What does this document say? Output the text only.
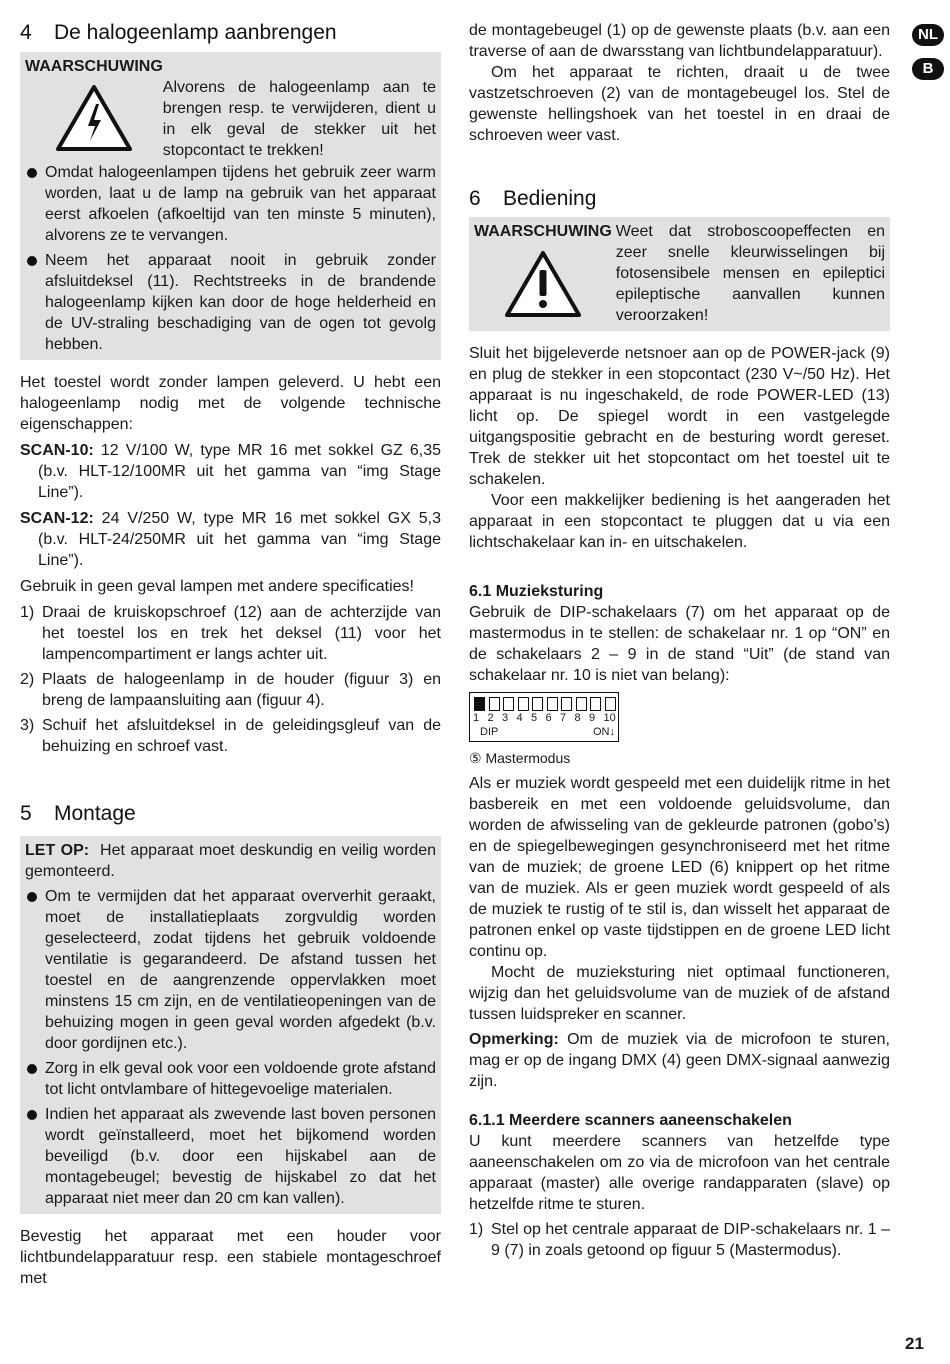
NL
B
4 De halogeenlamp aanbrengen
WAARSCHUWING
Alvorens de halogeenlamp aan te brengen resp. te verwijderen, dient u in elk geval de stekker uit het stopcontact te trekken!
Omdat halogeenlampen tijdens het gebruik zeer warm worden, laat u de lamp na gebruik van het apparaat eerst afkoelen (afkoeltijd van ten minste 5 minuten), alvorens ze te vervangen.
Neem het apparaat nooit in gebruik zonder afsluitdeksel (11). Rechtstreeks in de brandende halogeenlamp kijken kan door de hoge helderheid en de UV-straling beschadiging van de ogen tot gevolg hebben.

Het toestel wordt zonder lampen geleverd. U hebt een halogeenlamp nodig met de volgende technische eigenschappen:

SCAN-10: 12 V/100 W, type MR 16 met sokkel GZ 6,35 (b.v. HLT-12/100MR uit het gamma van “img Stage Line”).

SCAN-12: 24 V/250 W, type MR 16 met sokkel GX 5,3 (b.v. HLT-24/250MR uit het gamma van “img Stage Line”).

Gebruik in geen geval lampen met andere specificaties!

1) Draai de kruiskopschroef (12) aan de achterzijde van het toestel los en trek het deksel (11) voor het lampencompartiment er langs achter uit.
2) Plaats de halogeenlamp in de houder (figuur 3) en breng de lampaansluiting aan (figuur 4).
3) Schuif het afsluitdeksel in de geleidingsgleuf van de behuizing en schroef vast.
5 Montage

LET OP: Het apparaat moet deskundig en veilig worden gemonteerd.

Om te vermijden dat het apparaat oververhit geraakt, moet de installatieplaats zorgvuldig worden geselecteerd, zodat tijdens het gebruik voldoende ventilatie is gegarandeerd. De afstand tussen het toestel en de aangrenzende oppervlakken moet minstens 15 cm zijn, en de ventilatieopeningen van de behuizing mogen in geen geval worden afgedekt (b.v. door gordijnen etc.).
Zorg in elk geval ook voor een voldoende grote afstand tot licht ontvlambare of hittegevoelige materialen.
Indien het apparaat als zwevende last boven personen wordt geïnstalleerd, moet het bijkomend worden beveiligd (b.v. door een hijskabel aan de montagebeugel; bevestig de hijskabel zo dat het apparaat niet meer dan 20 cm kan vallen).

Bevestig het apparaat met een houder voor lichtbundelapparatuur resp. een stabiele montageschroef met

de montagebeugel (1) op de gewenste plaats (b.v. aan een traverse of aan de dwarsstang van lichtbundelapparatuur).

Om het apparaat te richten, draait u de twee vastzetschroeven (2) van de montagebeugel los. Stel de gewenste hellingshoek van het toestel in en draai de schroeven weer vast.

6 Bediening
WAARSCHUWING Weet dat stroboscoopeffecten en zeer snelle kleurwisselingen bij fotosensibele mensen en epileptici epileptische aanvallen kunnen veroorzaken!

Sluit het bijgeleverde netsnoer aan op de POWER-jack (9) en plug de stekker in een stopcontact (230 V~/50 Hz). Het apparaat is nu ingeschakeld, de rode POWER-LED (13) licht op. De spiegel wordt in een vastgelegde uitgangspositie gebracht en de besturing wordt gereset. Trek de stekker uit het stopcontact om het toestel uit te schakelen.

Voor een makkelijker bediening is het aangeraden het apparaat in een stopcontact te pluggen dat u via een lichtschakelaar kan in- en uitschakelen.

6.1 Muzieksturing

Gebruik de DIP-schakelaars (7) om het apparaat op de mastermodus in te stellen: de schakelaar nr. 1 op “ON” en de schakelaars 2 – 9 in de stand “Uit” (de stand van schakelaar nr. 10 is niet van belang):

1 2 3 4 5 6 7 8 9 10
DIP	ON↓
⑤ Mastermodus

Als er muziek wordt gespeeld met een duidelijk ritme in het basbereik en met een voldoende geluidsvolume, dan worden de afwisseling van de gekleurde patronen (gobo’s) en de spiegelbewegingen gesynchroniseerd met het ritme van de muziek; de groene LED (6) knippert op het ritme van de muziek. Als er geen muziek wordt gespeeld of als de muziek te rustig of te stil is, dan wisselt het apparaat de patronen enkel op vaste tijdstippen en de groene LED licht continu op.

Mocht de muzieksturing niet optimaal functioneren, wijzig dan het geluidsvolume van de muziek of de afstand tussen luidspreker en scanner.

Opmerking: Om de muziek via de microfoon te sturen, mag er op de ingang DMX (4) geen DMX-signaal aanwezig zijn.

6.1.1 Meerdere scanners aaneenschakelen

U kunt meerdere scanners van hetzelfde type aaneenschakelen om zo via de microfoon van het centrale apparaat (master) alle overige randapparaten (slave) op hetzelfde ritme te sturen.

1) Stel op het centrale apparaat de DIP-schakelaars nr. 1 – 9 (7) in zoals getoond op figuur 5 (Mastermodus).
21
